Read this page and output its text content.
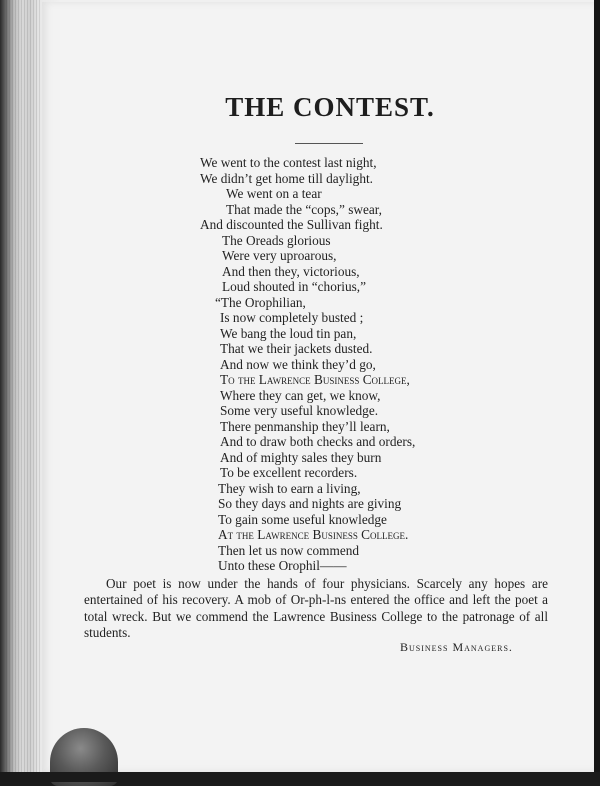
THE CONTEST.
We went to the contest last night,
We didn’t get home till daylight.
We went on a tear
That made the “cops,” swear,
And discounted the Sullivan fight.
The Oreads glorious
Were very uproarous,
And then they, victorious,
Loud shouted in “chorius,”
“The Orophilian,
Is now completely busted ;
We bang the loud tin pan,
That we their jackets dusted.
And now we think they’d go,
To the Lawrence Business College,
Where they can get, we know,
Some very useful knowledge.
There penmanship they’ll learn,
And to draw both checks and orders,
And of mighty sales they burn
To be excellent recorders.
They wish to earn a living,
So they days and nights are giving
To gain some useful knowledge
At the Lawrence Business College.
Then let us now commend
Unto these Orophil——
Our poet is now under the hands of four physicians. Scarcely any hopes are entertained of his recovery. A mob of Or-ph-l-ns entered the office and left the poet a total wreck. But we commend the Lawrence Business College to the patronage of all students.
Business Managers.
